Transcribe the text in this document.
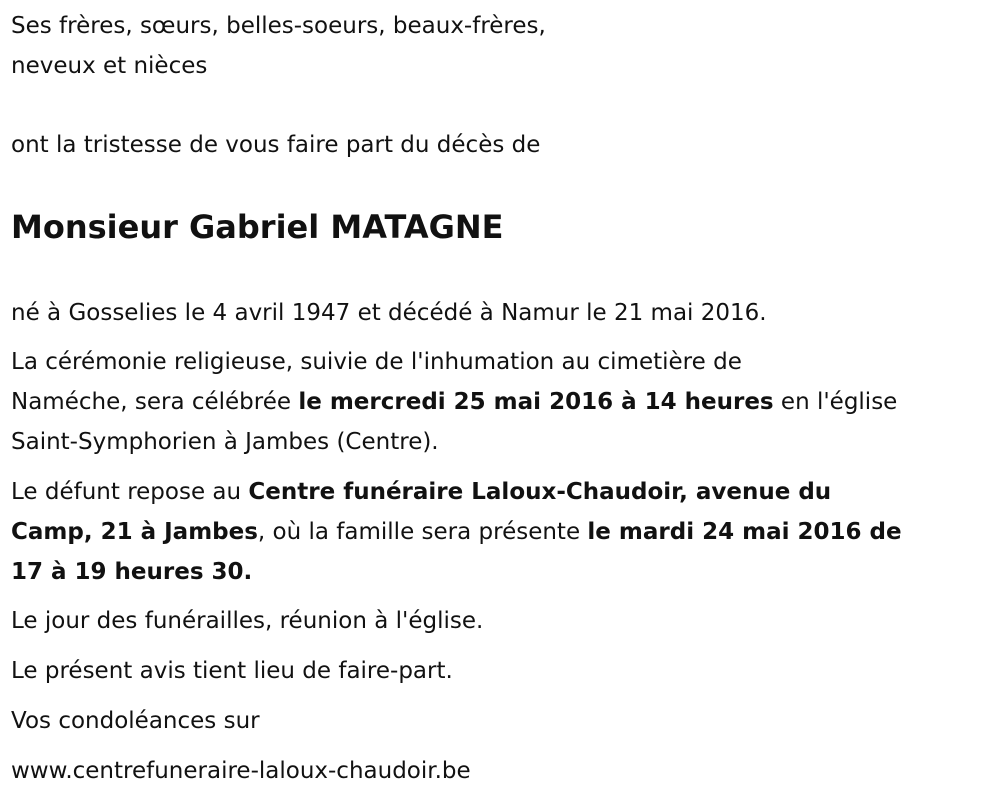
Ses frères, sœurs, belles-soeurs, beaux-frères,

neveux et nièces

ont la tristesse de vous faire part du décès de

Monsieur Gabriel MATAGNE

né à Gosselies le 4 avril 1947 et décédé à Namur le 21 mai 2016.

La cérémonie religieuse, suivie de l'inhumation au cimetière de

Naméche, sera célébrée le mercredi 25 mai 2016 à 14 heures en l'église

Saint-Symphorien à Jambes (Centre).

Le défunt repose au Centre funéraire Laloux-Chaudoir, avenue du

Camp, 21 à Jambes, où la famille sera présente le mardi 24 mai 2016 de

17 à 19 heures 30.

Le jour des funérailles, réunion à l'église.

Le présent avis tient lieu de faire-part.

Vos condoléances sur

www.centrefuneraire-laloux-chaudoir.be
